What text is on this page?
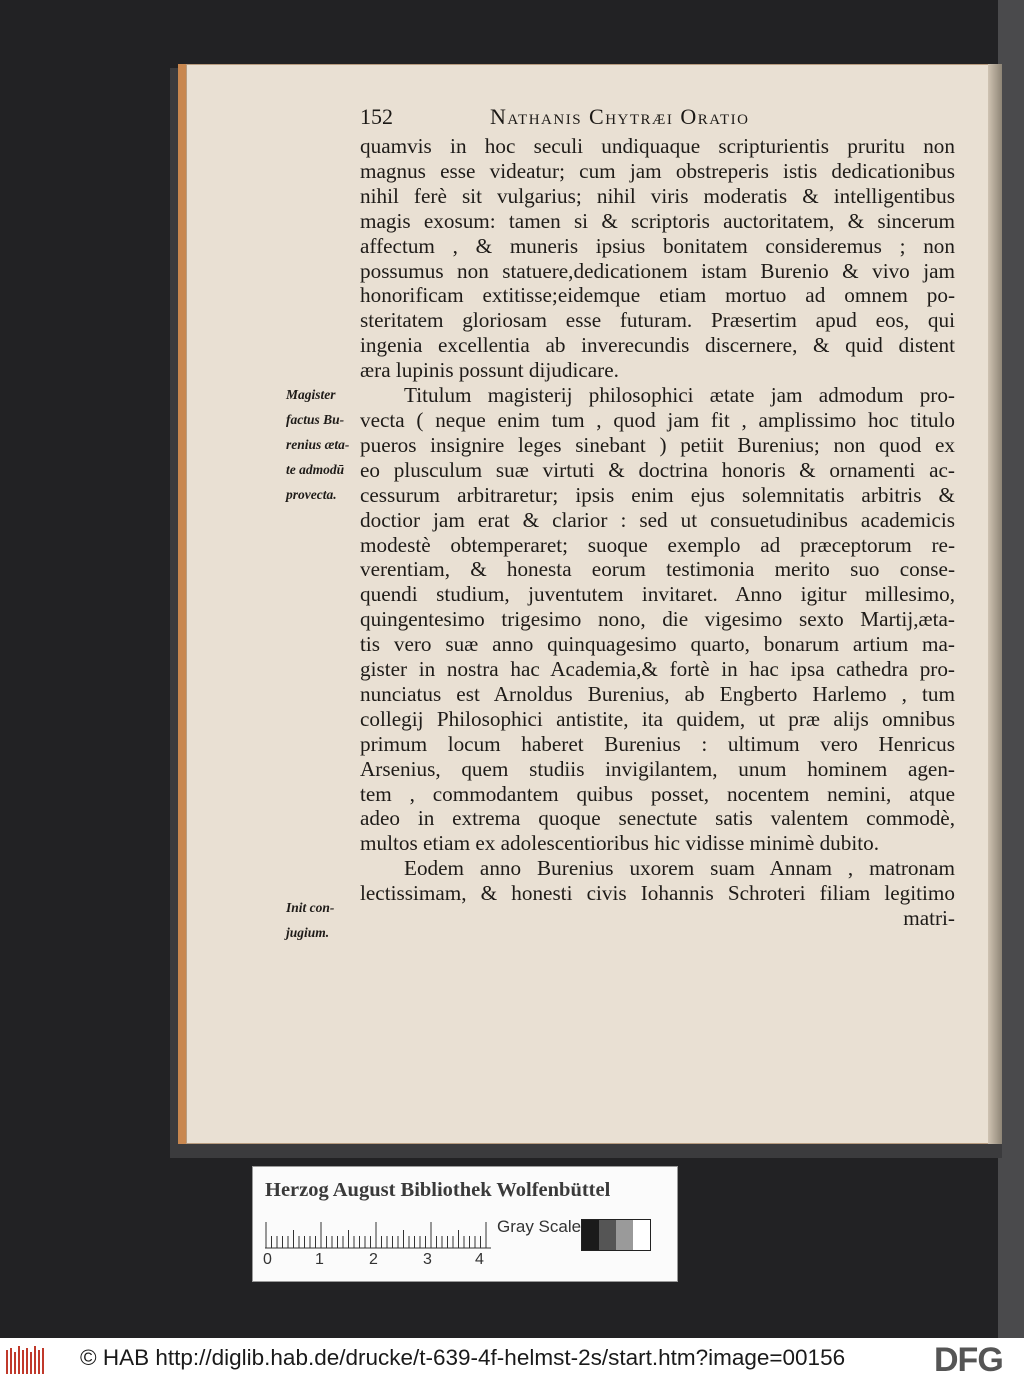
152	Nathanis Chytræi Oratio
quamvis in hoc seculi undiquaque scripturientis pruritu non
magnus esse videatur; cum jam obstreperis istis dedicationibus
nihil ferè sit vulgarius; nihil viris moderatis & intelligentibus
magis exosum: tamen si & scriptoris auctoritatem, & sincerum
affectum , & muneris ipsius bonitatem consideremus ; non
possumus non statuere,dedicationem istam Burenio & vivo jam
honorificam extitisse;eidemque etiam mortuo ad omnem po-
steritatem gloriosam esse futuram. Præsertim apud eos, qui
ingenia excellentia ab inverecundis discernere, & quid distent
æra lupinis possunt dijudicare.
Titulum magisterij philosophici ætate jam admodum pro-
vecta ( neque enim tum , quod jam fit , amplissimo hoc titulo
pueros insignire leges sinebant ) petiit Burenius; non quod ex
eo plusculum suæ virtuti & doctrina honoris & ornamenti ac-
cessurum arbitraretur; ipsis enim ejus solemnitatis arbitris &
doctior jam erat & clarior : sed ut consuetudinibus academicis
modestè obtemperaret; suoque exemplo ad præceptorum re-
verentiam, & honesta eorum testimonia merito suo conse-
quendi studium, juventutem invitaret. Anno igitur millesimo,
quingentesimo trigesimo nono, die vigesimo sexto Martij,æta-
tis vero suæ anno quinquagesimo quarto, bonarum artium ma-
gister in nostra hac Academia,& fortè in hac ipsa cathedra pro-
nunciatus est Arnoldus Burenius, ab Engberto Harlemo , tum
collegij Philosophici antistite, ita quidem, ut præ alijs omnibus
primum locum haberet Burenius : ultimum vero Henricus
Arsenius, quem studiis invigilantem, unum hominem agen-
tem , commodantem quibus posset, nocentem nemini, atque
adeo in extrema quoque senectute satis valentem commodè,
multos etiam ex adolescentioribus hic vidisse minimè dubito.
Eodem anno Burenius uxorem suam Annam , matronam
lectissimam, & honesti civis Iohannis Schroteri filiam legitimo
matri-
Magister
factus Bu-
renius æta-
te admodū
provecta.
Init con-
jugium.
Herzog August Bibliothek Wolfenbüttel
0	1	2	3	4
Gray Scale
© HAB http://diglib.hab.de/drucke/t-639-4f-helmst-2s/start.htm?image=00156	DFG
